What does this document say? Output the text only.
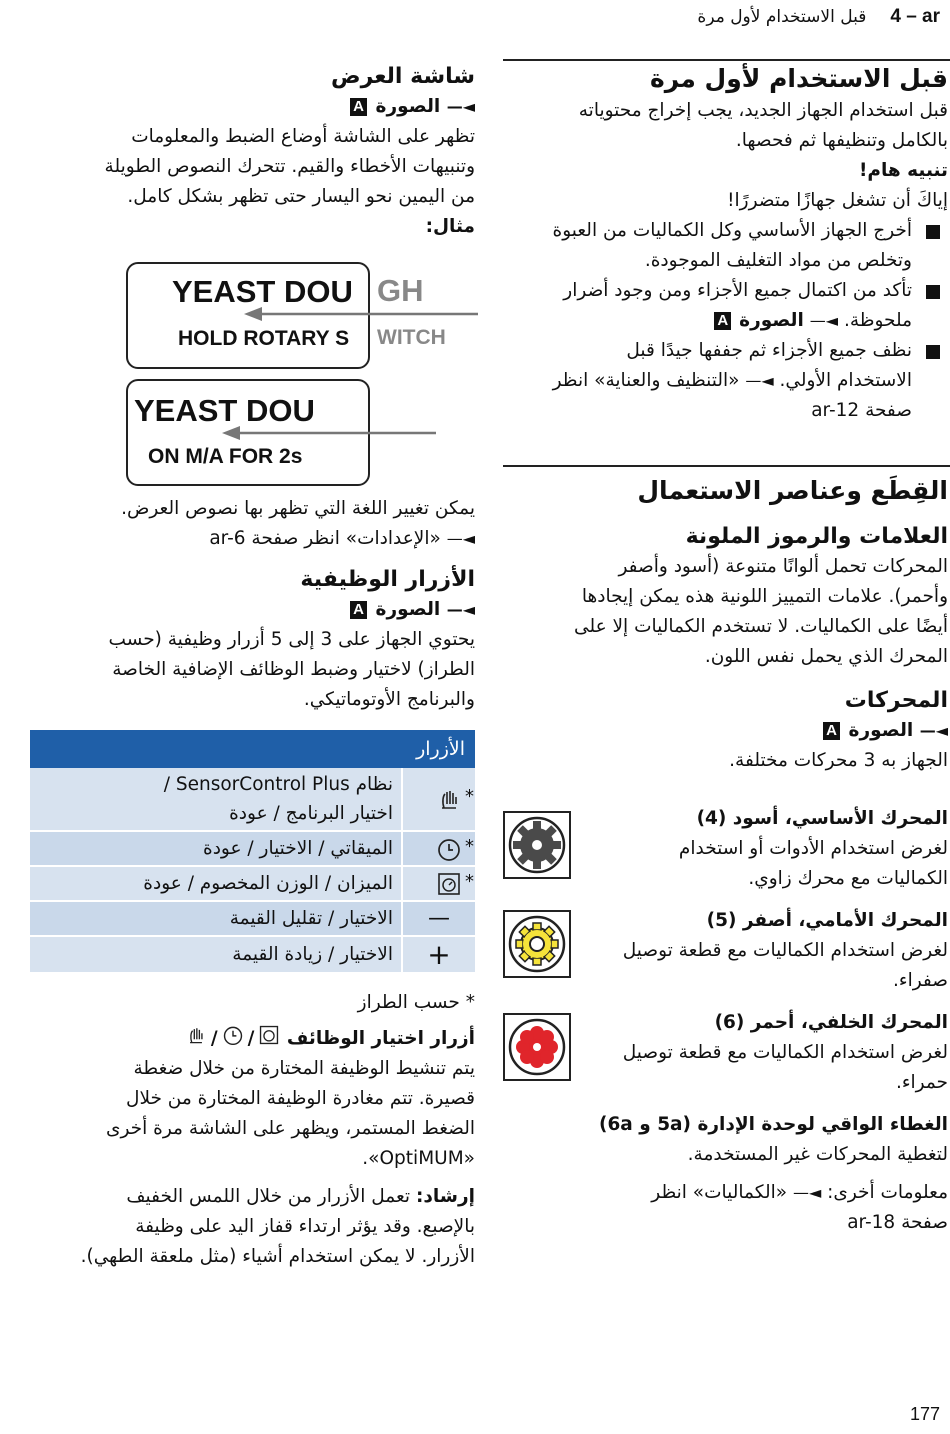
4 – ar
قبل الاستخدام لأول مرة
قبل الاستخدام لأول مرة

قبل استخدام الجهاز الجديد، يجب إخراج محتوياته

بالكامل وتنظيفها ثم فحصها.

تنبيه هام!

إياكَ أن تشغل جهازًا متضررًا!

أخرج الجهاز الأساسي وكل الكماليات من العبوة

وتخلص من مواد التغليف الموجودة.

تأكد من اكتمال جميع الأجزاء ومن وجود أضرار

ملحوظة. ◄— الصورة A

نظف جميع الأجزاء ثم جففها جيدًا قبل

الاستخدام الأولي. ◄— «التنظيف والعناية» انظر

صفحة ar-12

القِطَع وعناصر الاستعمال
العلامات والرموز الملونة

المحركات تحمل ألوانًا متنوعة (أسود وأصفر

وأحمر). علامات التمييز اللونية هذه يمكن إيجادها

أيضًا على الكماليات. لا تستخدم الكماليات إلا على

المحرك الذي يحمل نفس اللون.

المحركات

◄— الصورة A

الجهاز به 3 محركات مختلفة.

المحرك الأساسي، أسود (4)

لغرض استخدام الأدوات أو استخدام

الكماليات مع محرك زاوي.

المحرك الأمامي، أصفر (5)

لغرض استخدام الكماليات مع قطعة توصيل

صفراء.

المحرك الخلفي، أحمر (6)

لغرض استخدام الكماليات مع قطعة توصيل

حمراء.

الغطاء الواقي لوحدة الإدارة (5a و 6a)

لتغطية المحركات غير المستخدمة.

معلومات أخرى: ◄— «الكماليات» انظر

صفحة ar-18

شاشة العرض

◄— الصورة A

تظهر على الشاشة أوضاع الضبط والمعلومات

وتنبيهات الأخطاء والقيم. تتحرك النصوص الطويلة

من اليمين نحو اليسار حتى تظهر بشكل كامل.

مثال:

YEAST DOU
HOLD ROTARY S
GH
WITCH
YEAST DOU
ON M/A FOR 2s

يمكن تغيير اللغة التي تظهر بها نصوص العرض.

◄— «الإعدادات» انظر صفحة ar-6

الأزرار الوظيفية

◄— الصورة A

يحتوي الجهاز على 3 إلى 5 أزرار وظيفية (حسب

الطراز) لاختيار وضبط الوظائف الإضافية الخاصة

والبرنامج الأوتوماتيكي.

الأزرار	
*	نظام SensorControl Plus /

اختيار البرنامج / عودة

*	الميقاتي / الاختيار / عودة
*	الميزان / الوزن المخصوم / عودة
—	الاختيار / تقليل القيمة
+	الاختيار / زيادة القيمة

* حسب الطراز

أزرار اختيار الوظائف
/
/

يتم تنشيط الوظيفة المختارة من خلال ضغطة

قصيرة. تتم مغادرة الوظيفة المختارة من خلال

الضغط المستمر، ويظهر على الشاشة مرة أخرى

«OptiMUM».

إرشاد: تعمل الأزرار من خلال اللمس الخفيف

بالإصبع. وقد يؤثر ارتداء قفاز اليد على وظيفة

الأزرار. لا يمكن استخدام أشياء (مثل ملعقة الطهي).

177
